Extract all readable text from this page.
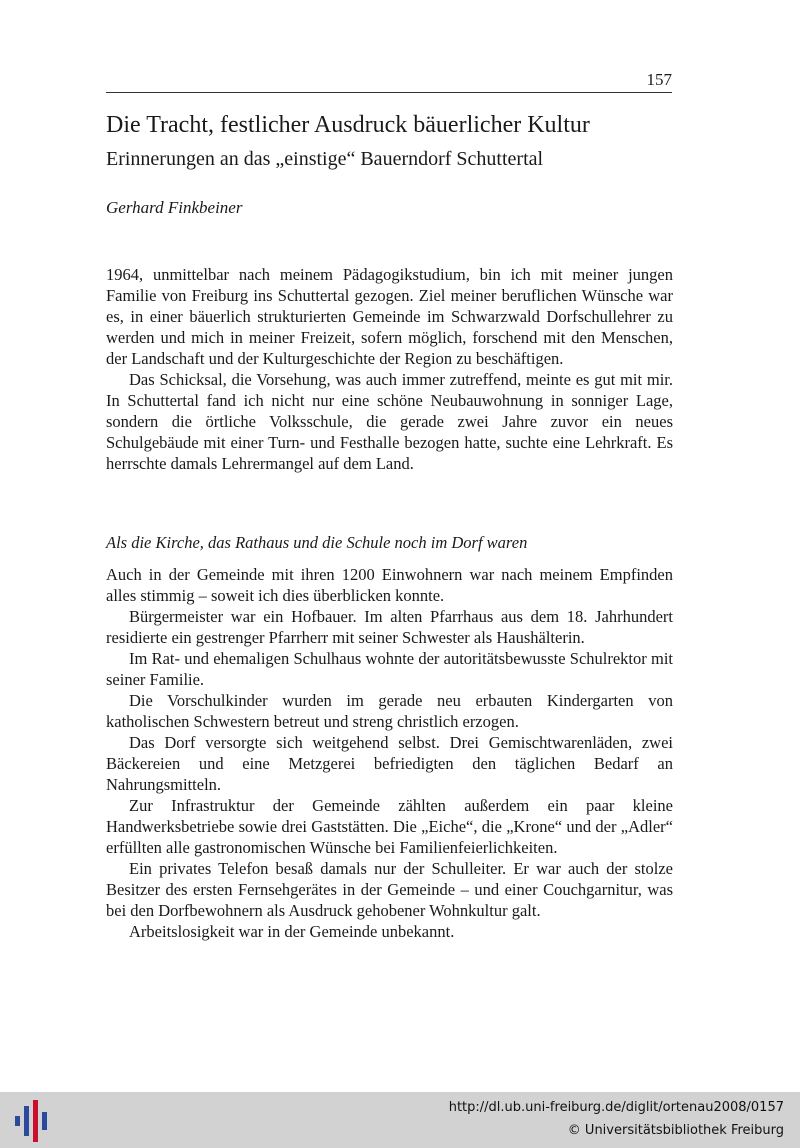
157
Die Tracht, festlicher Ausdruck bäuerlicher Kultur
Erinnerungen an das „einstige“ Bauerndorf Schuttertal
Gerhard Finkbeiner

1964, unmittelbar nach meinem Pädagogikstudium, bin ich mit meiner jungen Familie von Freiburg ins Schuttertal gezogen. Ziel meiner beruflichen Wünsche war es, in einer bäuerlich strukturierten Gemeinde im Schwarzwald Dorfschullehrer zu werden und mich in meiner Freizeit, sofern möglich, forschend mit den Menschen, der Landschaft und der Kulturgeschichte der Region zu beschäftigen.

Das Schicksal, die Vorsehung, was auch immer zutreffend, meinte es gut mit mir. In Schuttertal fand ich nicht nur eine schöne Neubauwohnung in sonniger Lage, sondern die örtliche Volksschule, die gerade zwei Jahre zuvor ein neues Schulgebäude mit einer Turn- und Festhalle bezogen hatte, suchte eine Lehrkraft. Es herrschte damals Lehrermangel auf dem Land.

Als die Kirche, das Rathaus und die Schule noch im Dorf waren

Auch in der Gemeinde mit ihren 1200 Einwohnern war nach meinem Empfinden alles stimmig – soweit ich dies überblicken konnte.

Bürgermeister war ein Hofbauer. Im alten Pfarrhaus aus dem 18. Jahrhundert residierte ein gestrenger Pfarrherr mit seiner Schwester als Haushälterin.

Im Rat- und ehemaligen Schulhaus wohnte der autoritätsbewusste Schulrektor mit seiner Familie.

Die Vorschulkinder wurden im gerade neu erbauten Kindergarten von katholischen Schwestern betreut und streng christlich erzogen.

Das Dorf versorgte sich weitgehend selbst. Drei Gemischtwarenläden, zwei Bäckereien und eine Metzgerei befriedigten den täglichen Bedarf an Nahrungsmitteln.

Zur Infrastruktur der Gemeinde zählten außerdem ein paar kleine Handwerksbetriebe sowie drei Gaststätten. Die „Eiche“, die „Krone“ und der „Adler“ erfüllten alle gastronomischen Wünsche bei Familienfeierlichkeiten.

Ein privates Telefon besaß damals nur der Schulleiter. Er war auch der stolze Besitzer des ersten Fernsehgerätes in der Gemeinde – und einer Couchgarnitur, was bei den Dorfbewohnern als Ausdruck gehobener Wohnkultur galt.

Arbeitslosigkeit war in der Gemeinde unbekannt.

http://dl.ub.uni-freiburg.de/diglit/ortenau2008/0157
© Universitätsbibliothek Freiburg
